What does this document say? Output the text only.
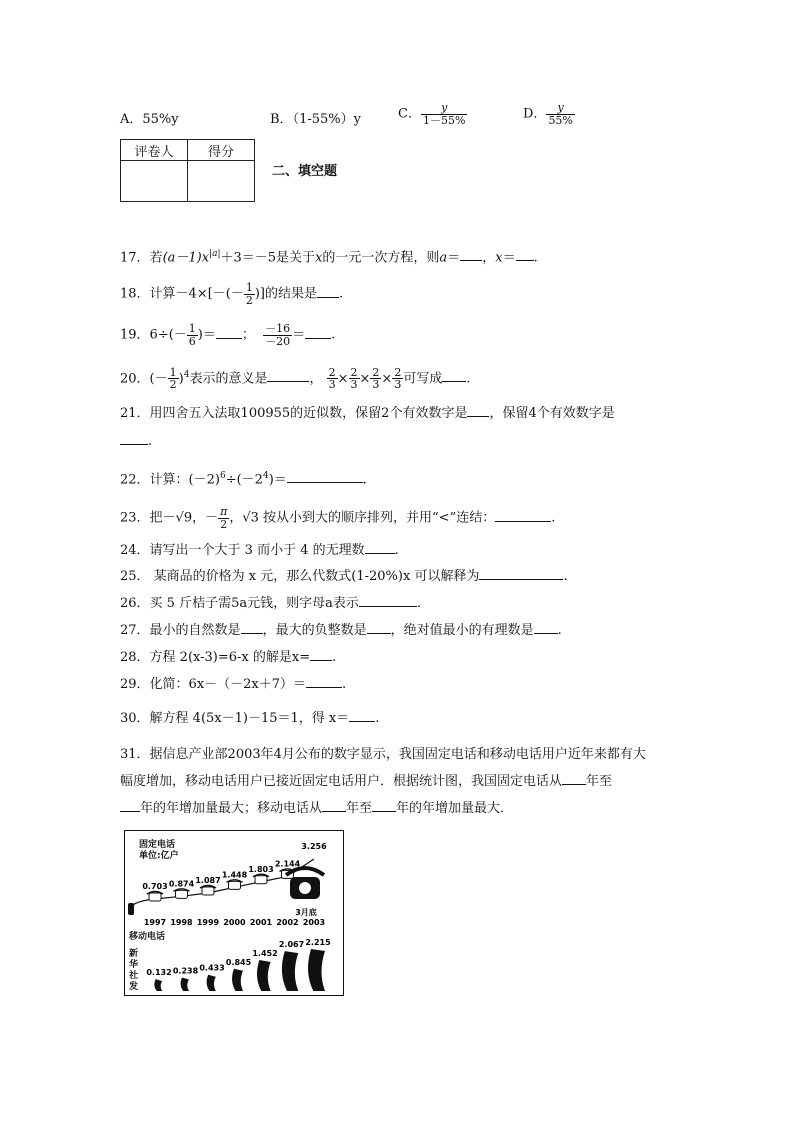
A．55%y	B．（1-55%）y	C． $\frac{y}{1-55\%}$	D． $\frac{y}{55\%}$
评卷人	得分

二、填空题
17．若$(a-1)x^{|a|}+3=-5$是关于x的一元一次方程，则a＝ ，x＝ .
18．计算$-4\times[-(- \frac{1}{2}$ )]的结果是 .
19．$6\div(- \frac{1}{6}$ )＝ ； $\frac{-16}{-20}$ ＝ .
20．(－ $\frac{1}{2} )^4$表示的意义是	， $\frac{2}{3} \times \frac{2}{3} \times \frac{2}{3} \times \frac{2}{3}$ 可写成 .
21．用四舍五入法取100955的近似数，保留2个有效数字是 ，保留4个有效数字是
.
22．计算：$(-2)^6\div(-2^4)=$	.
23．把－√9，－ $\frac{\pi}{2}$ ，√3 按从小到大的顺序排列，并用“<”连结：	.
24．请写出一个大于 3 而小于 4 的无理数 .
25． 某商品的价格为 x 元，那么代数式(1-20%)x 可以解释为	.
26．买 5 斤桔子需5a元钱，则字母a表示	.
27．最小的自然数是 ，最大的负整数是 ，绝对值最小的有理数是 .
28．方程 2(x-3)=6-x 的解是x= .
29．化简：6x－（－2x＋7）＝	.
30．解方程 4(5x－1)－15＝1，得 x＝ .
31．据信息产业部2003年4月公布的数字显示，我国固定电话和移动电话用户近年来都有大
幅度增加，移动电话用户已接近固定电话用户．根据统计图，我国固定电话从 年至
年的年增加量最大；移动电话从 年至 年的年增加量最大．
固定电话
单位:亿户
移动电话
新华社发
0.703
1997
0.874
1998
1.087
1999
1.448
2000
1.803
2001
2.144
2002
3.256
2003
3月底
0.132 0.238 0.433
0.845
1.452
2.067 2.215
